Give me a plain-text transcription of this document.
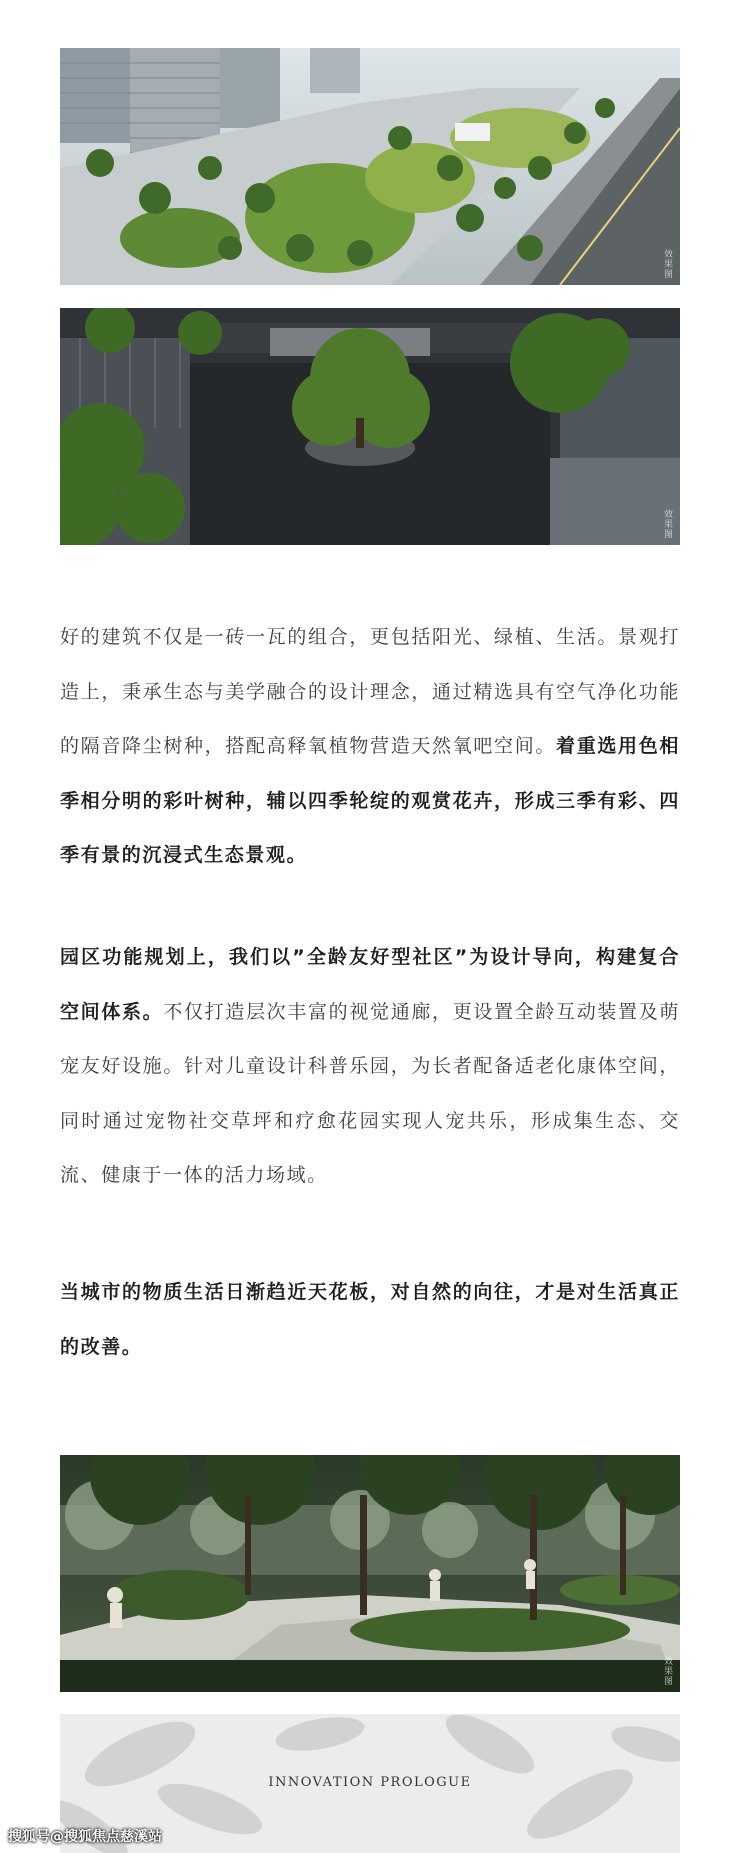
效果图
效果图

好的建筑不仅是一砖一瓦的组合，更包括阳光、绿植、生活。景观打造上，秉承生态与美学融合的设计理念，通过精选具有空气净化功能的隔音降尘树种，搭配高释氧植物营造天然氧吧空间。着重选用色相季相分明的彩叶树种，辅以四季轮绽的观赏花卉，形成三季有彩、四季有景的沉浸式生态景观。

园区功能规划上，我们以”全龄友好型社区”为设计导向，构建复合空间体系。不仅打造层次丰富的视觉通廊，更设置全龄互动装置及萌宠友好设施。针对儿童设计科普乐园，为长者配备适老化康体空间，同时通过宠物社交草坪和疗愈花园实现人宠共乐，形成集生态、交流、健康于一体的活力场域。

当城市的物质生活日渐趋近天花板，对自然的向往，才是对生活真正的改善。

效果图
INNOVATION PROLOGUE
搜狐号@搜狐焦点慈溪站
